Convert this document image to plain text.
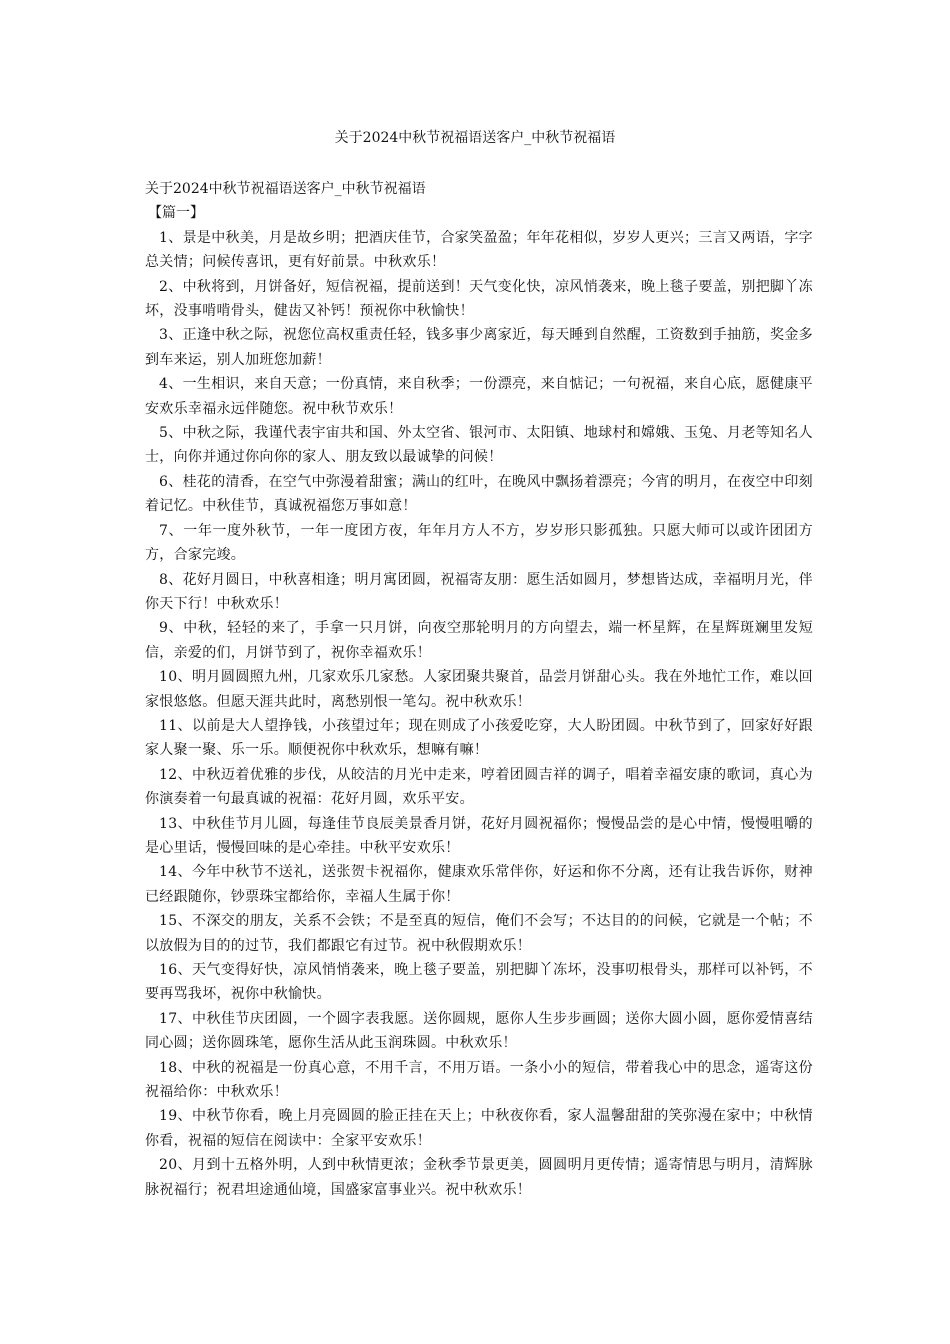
关于2024中秋节祝福语送客户_中秋节祝福语

关于2024中秋节祝福语送客户_中秋节祝福语

【篇一】

1、景是中秋美，月是故乡明；把酒庆佳节，合家笑盈盈；年年花相似，岁岁人更兴；三言又两语，字字总关情；问候传喜讯，更有好前景。中秋欢乐！

2、中秋将到，月饼备好，短信祝福，提前送到！天气变化快，凉风悄袭来，晚上毯子要盖，别把脚丫冻坏，没事啃啃骨头，健齿又补钙！预祝你中秋愉快！

3、正逢中秋之际，祝您位高权重责任轻，钱多事少离家近，每天睡到自然醒，工资数到手抽筋，奖金多到车来运，别人加班您加薪！

4、一生相识，来自天意；一份真情，来自秋季；一份漂亮，来自惦记；一句祝福，来自心底，愿健康平安欢乐幸福永远伴随您。祝中秋节欢乐！

5、中秋之际，我谨代表宇宙共和国、外太空省、银河市、太阳镇、地球村和嫦娥、玉兔、月老等知名人士，向你并通过你向你的家人、朋友致以最诚挚的问候！

6、桂花的清香，在空气中弥漫着甜蜜；满山的红叶，在晚风中飘扬着漂亮；今宵的明月，在夜空中印刻着记忆。中秋佳节，真诚祝福您万事如意！

7、一年一度外秋节，一年一度团方夜，年年月方人不方，岁岁形只影孤独。只愿大师可以或许团团方方，合家完竣。

8、花好月圆日，中秋喜相逢；明月寓团圆，祝福寄友朋：愿生活如圆月，梦想皆达成，幸福明月光，伴你天下行！中秋欢乐！

9、中秋，轻轻的来了，手拿一只月饼，向夜空那轮明月的方向望去，端一杯星辉，在星辉斑斓里发短信，亲爱的们，月饼节到了，祝你幸福欢乐！

10、明月圆圆照九州，几家欢乐几家愁。人家团聚共聚首，品尝月饼甜心头。我在外地忙工作，难以回家恨悠悠。但愿天涯共此时，离愁别恨一笔勾。祝中秋欢乐！

11、以前是大人望挣钱，小孩望过年；现在则成了小孩爱吃穿，大人盼团圆。中秋节到了，回家好好跟家人聚一聚、乐一乐。顺便祝你中秋欢乐，想嘛有嘛！

12、中秋迈着优雅的步伐，从皎洁的月光中走来，哼着团圆吉祥的调子，唱着幸福安康的歌词，真心为你演奏着一句最真诚的祝福：花好月圆，欢乐平安。

13、中秋佳节月儿圆，每逢佳节良辰美景香月饼，花好月圆祝福你；慢慢品尝的是心中情，慢慢咀嚼的是心里话，慢慢回味的是心牵挂。中秋平安欢乐！

14、今年中秋节不送礼，送张贺卡祝福你，健康欢乐常伴你，好运和你不分离，还有让我告诉你，财神已经跟随你，钞票珠宝都给你，幸福人生属于你！

15、不深交的朋友，关系不会铁；不是至真的短信，俺们不会写；不达目的的问候，它就是一个帖；不以放假为目的的过节，我们都跟它有过节。祝中秋假期欢乐！

16、天气变得好快，凉风悄悄袭来，晚上毯子要盖，别把脚丫冻坏，没事叨根骨头，那样可以补钙，不要再骂我坏，祝你中秋愉快。

17、中秋佳节庆团圆，一个圆字表我愿。送你圆规，愿你人生步步画圆；送你大圆小圆，愿你爱情喜结同心圆；送你圆珠笔，愿你生活从此玉润珠圆。中秋欢乐！

18、中秋的祝福是一份真心意，不用千言，不用万语。一条小小的短信，带着我心中的思念，遥寄这份祝福给你：中秋欢乐！

19、中秋节你看，晚上月亮圆圆的脸正挂在天上；中秋夜你看，家人温馨甜甜的笑弥漫在家中；中秋情你看，祝福的短信在阅读中：全家平安欢乐！

20、月到十五格外明，人到中秋情更浓；金秋季节景更美，圆圆明月更传情；遥寄情思与明月，清辉脉脉祝福行；祝君坦途通仙境，国盛家富事业兴。祝中秋欢乐！
